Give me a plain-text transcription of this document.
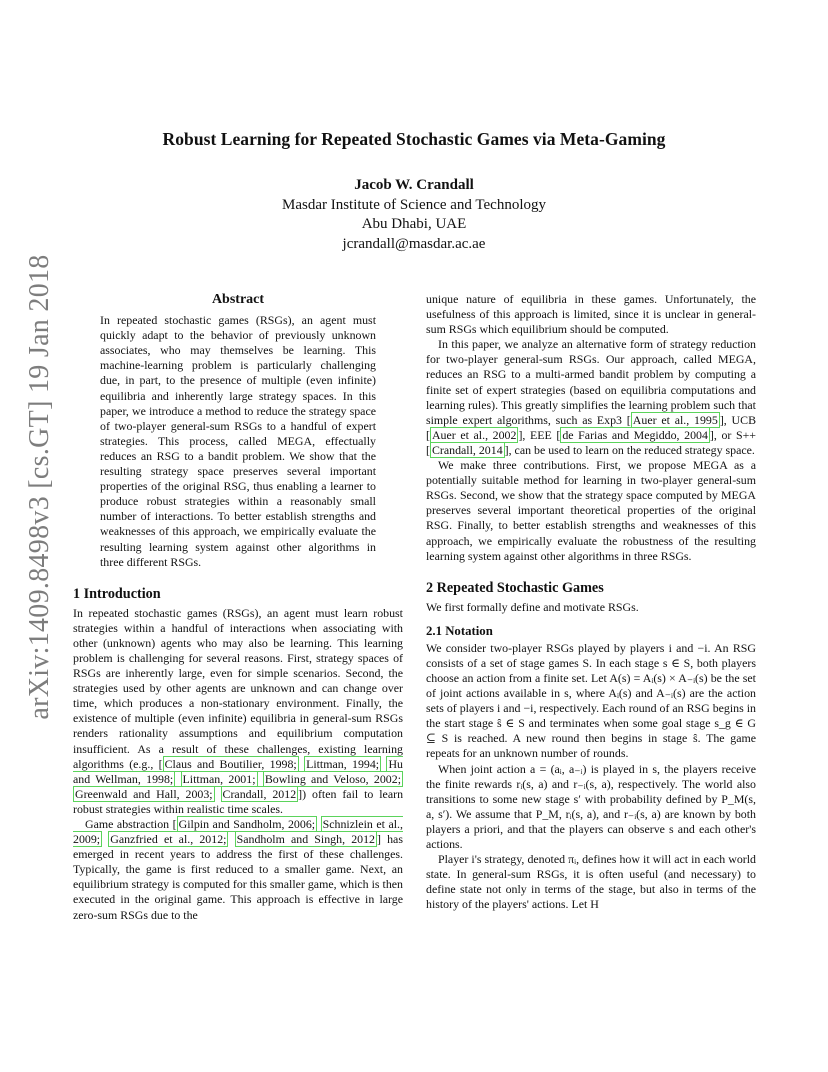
Robust Learning for Repeated Stochastic Games via Meta-Gaming
Jacob W. Crandall
Masdar Institute of Science and Technology
Abu Dhabi, UAE
jcrandall@masdar.ac.ae
arXiv:1409.8498v3 [cs.GT] 19 Jan 2018	Abstract
In repeated stochastic games (RSGs), an agent must quickly adapt to the behavior of previously unknown associates, who may themselves be learning. This machine-learning problem is particularly challenging due, in part, to the presence of multiple (even infinite) equilibria and inherently large strategy spaces. In this paper, we introduce a method to reduce the strategy space of two-player general-sum RSGs to a handful of expert strategies. This process, called MEGA, effectually reduces an RSG to a bandit problem. We show that the resulting strategy space preserves several important properties of the original RSG, thus enabling a learner to produce robust strategies within a reasonably small number of interactions. To better establish strengths and weaknesses of this approach, we empirically evaluate the resulting learning system against other algorithms in three different RSGs.
1 Introduction

In repeated stochastic games (RSGs), an agent must learn robust strategies within a handful of interactions when associating with other (unknown) agents who may also be learning. This learning problem is challenging for several reasons. First, strategy spaces of RSGs are inherently large, even for simple scenarios. Second, the strategies used by other agents are unknown and can change over time, which produces a non-stationary environment. Finally, the existence of multiple (even infinite) equilibria in general-sum RSGs renders rationality assumptions and equilibrium computation insufficient. As a result of these challenges, existing learning algorithms (e.g., [ Claus and Boutilier, 1998; Littman, 1994; Hu and Wellman, 1998; Littman, 2001; Bowling and Veloso, 2002; Greenwald and Hall, 2003; Crandall, 2012 ]) often fail to learn robust strategies within realistic time scales.

Game abstraction [ Gilpin and Sandholm, 2006; Schnizlein et al., 2009; Ganzfried et al., 2012; Sandholm and Singh, 2012 ] has emerged in recent years to address the first of these challenges. Typically, the game is first reduced to a smaller game. Next, an equilibrium strategy is computed for this smaller game, which is then executed in the original game. This approach is effective in large zero-sum RSGs due to the

unique nature of equilibria in these games. Unfortunately, the usefulness of this approach is limited, since it is unclear in general-sum RSGs which equilibrium should be computed.

In this paper, we analyze an alternative form of strategy reduction for two-player general-sum RSGs. Our approach, called MEGA, reduces an RSG to a multi-armed bandit problem by computing a finite set of expert strategies (based on equilibria computations and learning rules). This greatly simplifies the learning problem such that simple expert algorithms, such as Exp3 [ Auer et al., 1995 ], UCB [ Auer et al., 2002 ], EEE [ de Farias and Megiddo, 2004 ], or S++ [ Crandall, 2014 ], can be used to learn on the reduced strategy space.

We make three contributions. First, we propose MEGA as a potentially suitable method for learning in two-player general-sum RSGs. Second, we show that the strategy space computed by MEGA preserves several important theoretical properties of the original RSG. Finally, to better establish strengths and weaknesses of this approach, we empirically evaluate the robustness of the resulting learning system against other algorithms in three RSGs.

2 Repeated Stochastic Games

We first formally define and motivate RSGs.

2.1 Notation

We consider two-player RSGs played by players i and −i. An RSG consists of a set of stage games S. In each stage s ∈ S, both players choose an action from a finite set. Let A(s) = Aᵢ(s) × A₋ᵢ(s) be the set of joint actions available in s, where Aᵢ(s) and A₋ᵢ(s) are the action sets of players i and −i, respectively. Each round of an RSG begins in the start stage ŝ ∈ S and terminates when some goal stage s_g ∈ G ⊆ S is reached. A new round then begins in stage ŝ. The game repeats for an unknown number of rounds.

When joint action a = (aᵢ, a₋ᵢ) is played in s, the players receive the finite rewards rᵢ(s, a) and r₋ᵢ(s, a), respectively. The world also transitions to some new stage s′ with probability defined by P_M(s, a, s′). We assume that P_M, rᵢ(s, a), and r₋ᵢ(s, a) are known by both players a priori, and that the players can observe s and each other's actions.

Player i's strategy, denoted πᵢ, defines how it will act in each world state. In general-sum RSGs, it is often useful (and necessary) to define state not only in terms of the stage, but also in terms of the history of the players' actions. Let H
